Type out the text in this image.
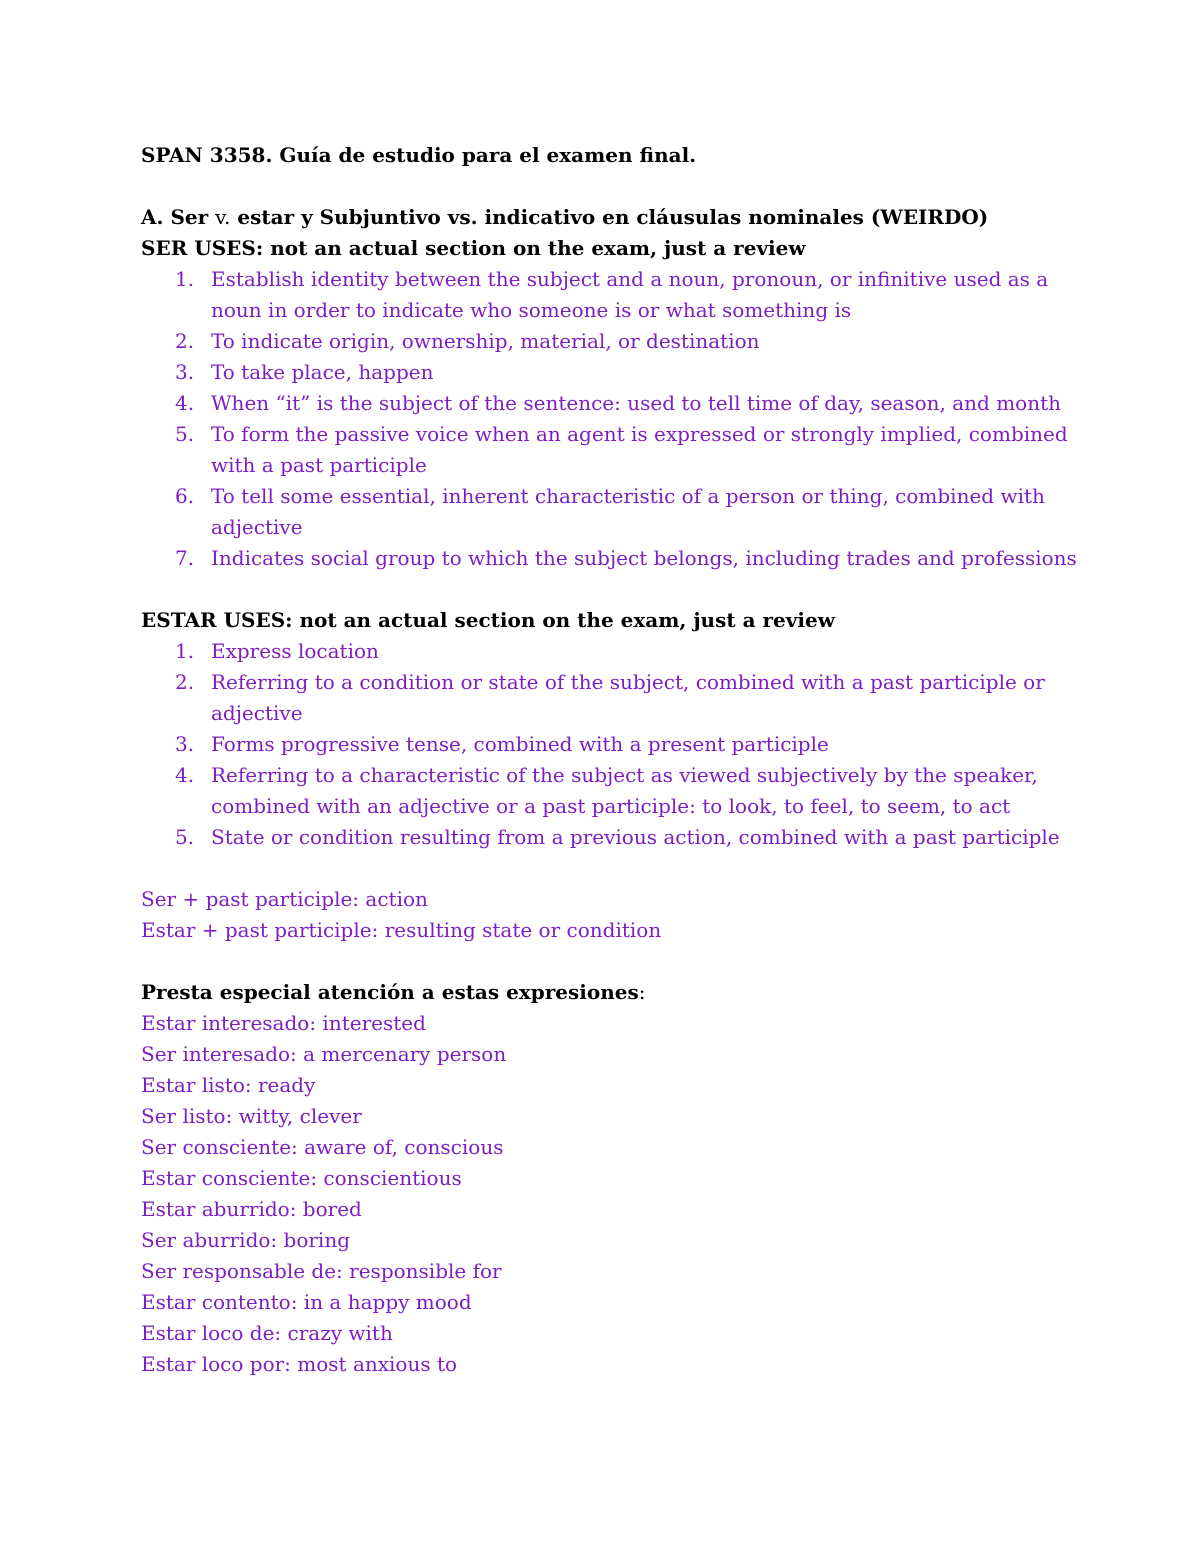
SPAN 3358. Guía de estudio para el examen final.
A. Ser v. estar y Subjuntivo vs. indicativo en cláusulas nominales (WEIRDO)
SER USES: not an actual section on the exam, just a review
1. Establish identity between the subject and a noun, pronoun, or infinitive used as a noun in order to indicate who someone is or what something is
2. To indicate origin, ownership, material, or destination
3. To take place, happen
4. When “it” is the subject of the sentence: used to tell time of day, season, and month
5. To form the passive voice when an agent is expressed or strongly implied, combined with a past participle
6. To tell some essential, inherent characteristic of a person or thing, combined with adjective
7. Indicates social group to which the subject belongs, including trades and professions
ESTAR USES: not an actual section on the exam, just a review
1. Express location
2. Referring to a condition or state of the subject, combined with a past participle or adjective
3. Forms progressive tense, combined with a present participle
4. Referring to a characteristic of the subject as viewed subjectively by the speaker, combined with an adjective or a past participle: to look, to feel, to seem, to act
5. State or condition resulting from a previous action, combined with a past participle
Ser + past participle: action
Estar + past participle: resulting state or condition
Presta especial atención a estas expresiones:
Estar interesado: interested
Ser interesado: a mercenary person
Estar listo: ready
Ser listo: witty, clever
Ser consciente: aware of, conscious
Estar consciente: conscientious
Estar aburrido: bored
Ser aburrido: boring
Ser responsable de: responsible for
Estar contento: in a happy mood
Estar loco de: crazy with
Estar loco por: most anxious to
